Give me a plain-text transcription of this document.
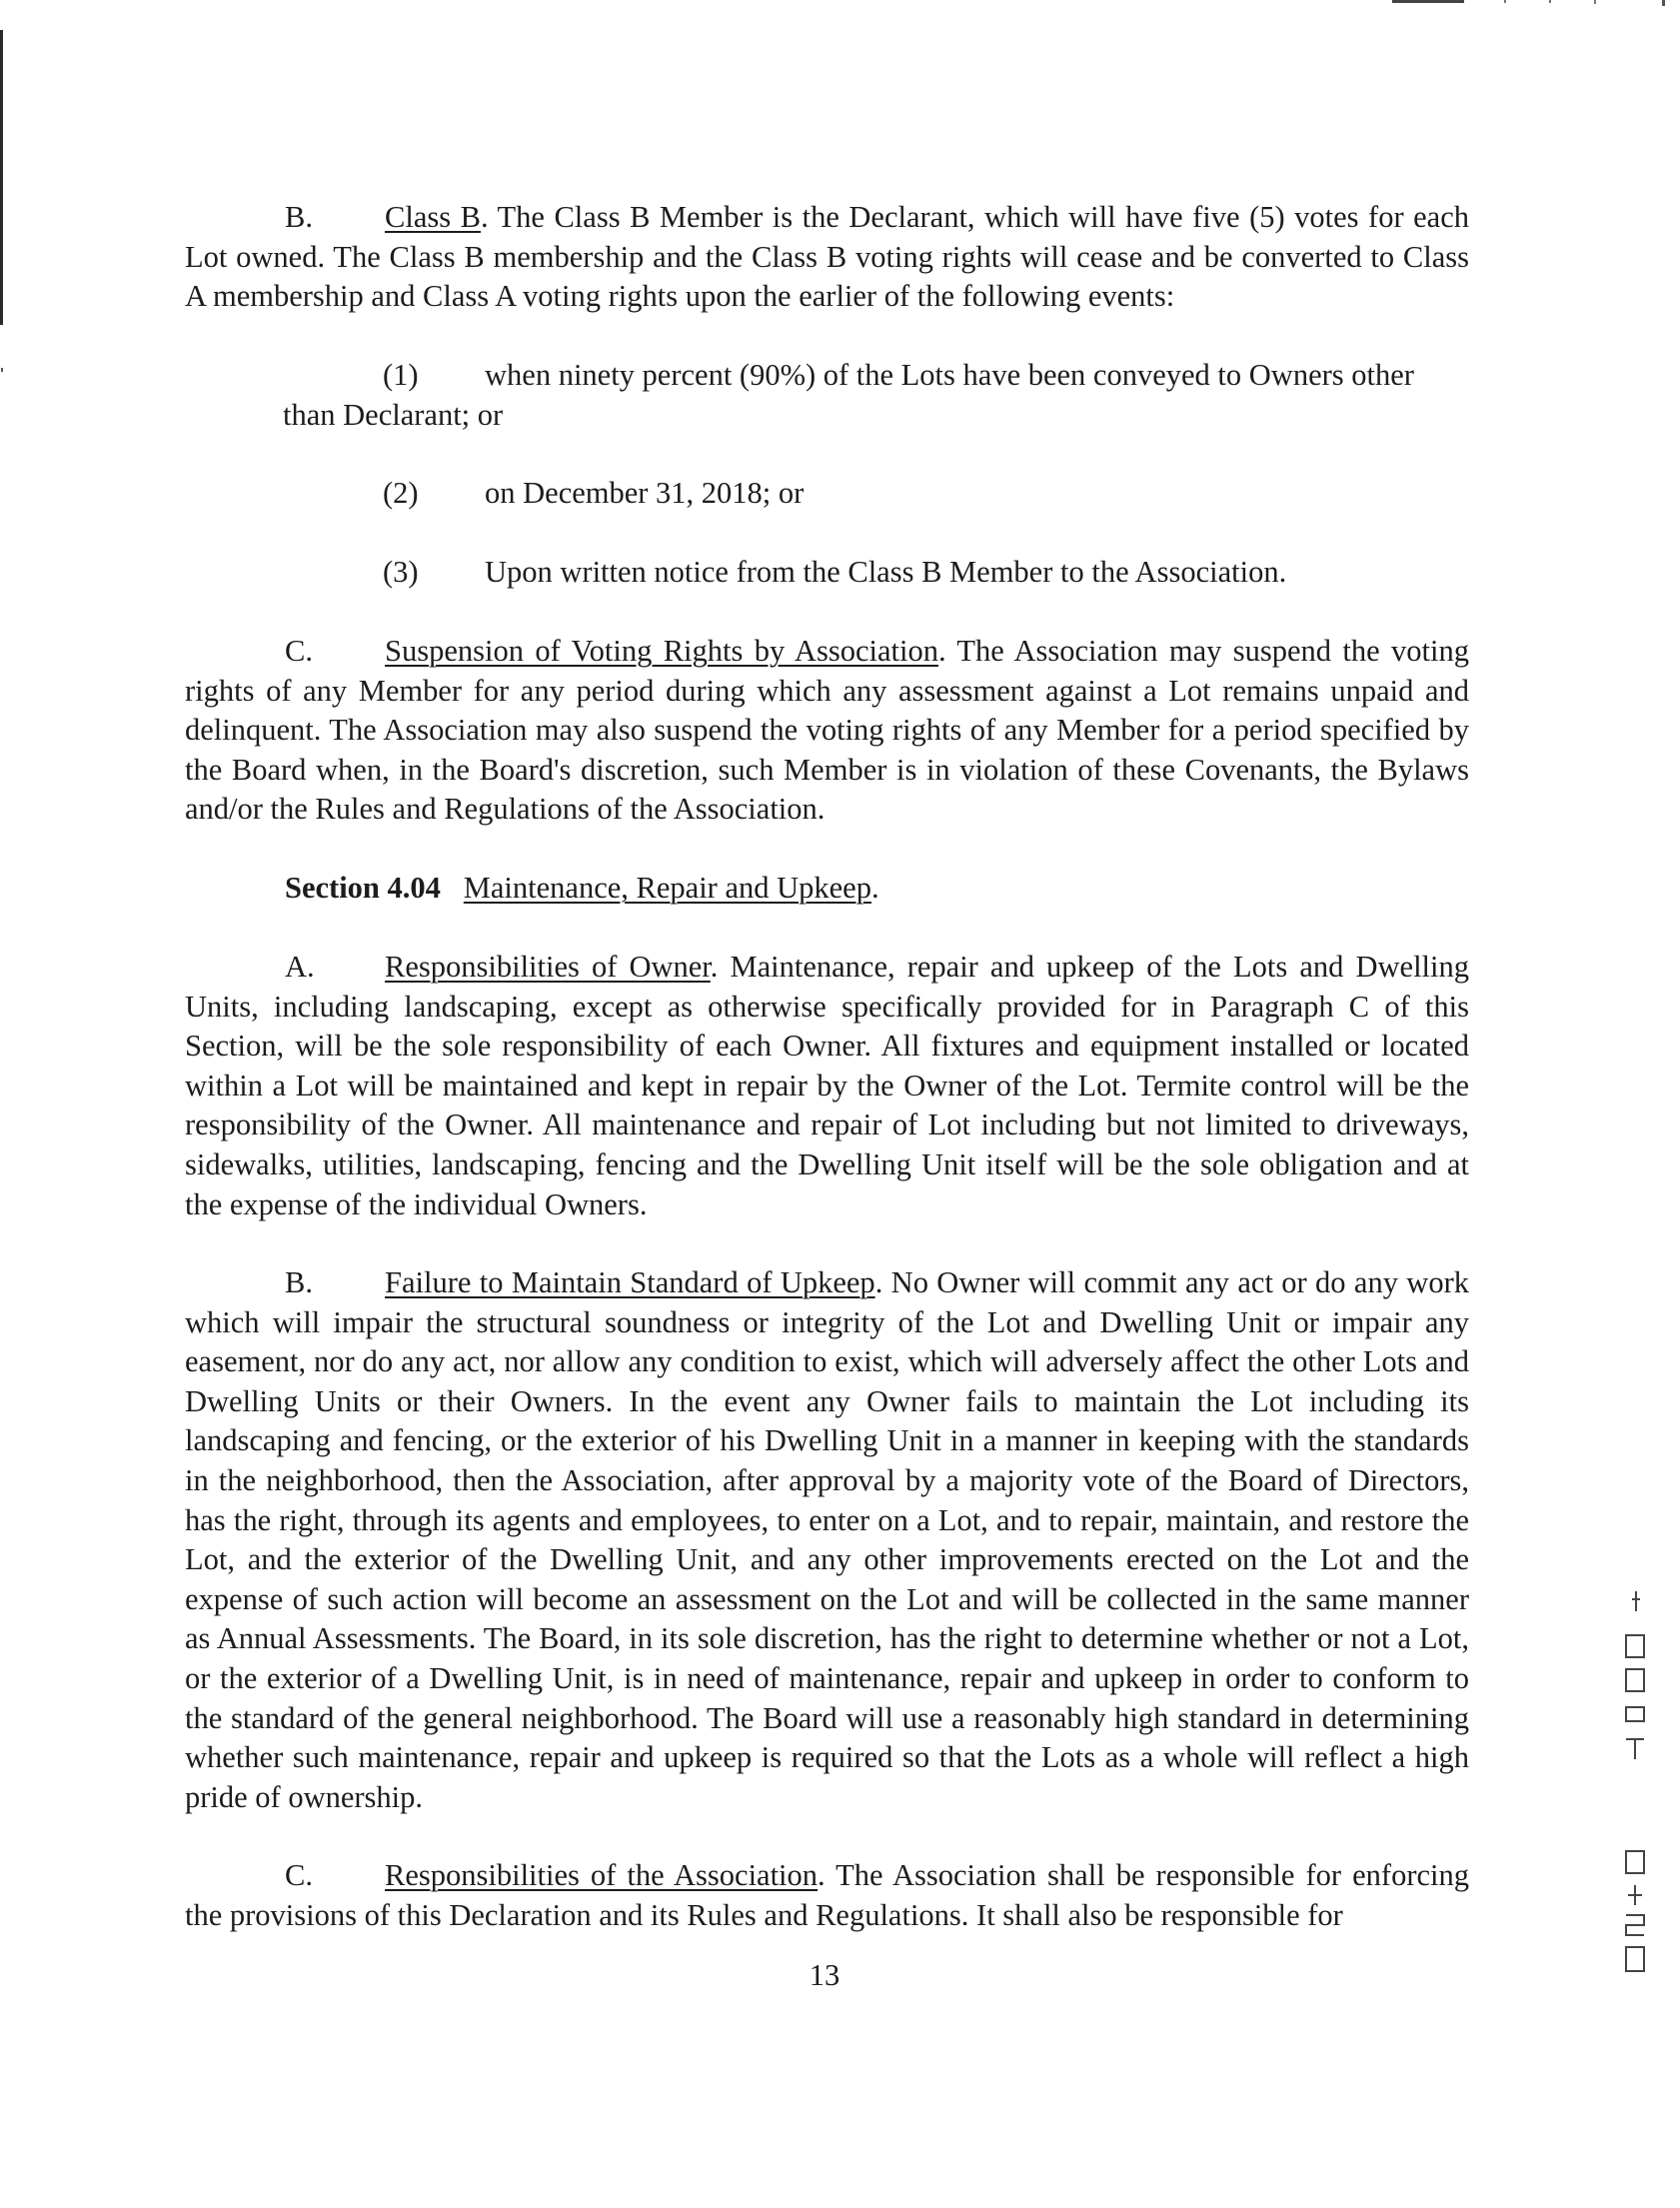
B. Class B. The Class B Member is the Declarant, which will have five (5) votes for each Lot owned. The Class B membership and the Class B voting rights will cease and be converted to Class A membership and Class A voting rights upon the earlier of the following events:
(1) when ninety percent (90%) of the Lots have been conveyed to Owners other
than Declarant; or
(2) on December 31, 2018; or
(3) Upon written notice from the Class B Member to the Association.
C. Suspension of Voting Rights by Association. The Association may suspend the voting rights of any Member for any period during which any assessment against a Lot remains unpaid and delinquent. The Association may also suspend the voting rights of any Member for a period specified by the Board when, in the Board's discretion, such Member is in violation of these Covenants, the Bylaws and/or the Rules and Regulations of the Association.
Section 4.04 Maintenance, Repair and Upkeep.
A. Responsibilities of Owner. Maintenance, repair and upkeep of the Lots and Dwelling Units, including landscaping, except as otherwise specifically provided for in Paragraph C of this Section, will be the sole responsibility of each Owner. All fixtures and equipment installed or located within a Lot will be maintained and kept in repair by the Owner of the Lot. Termite control will be the responsibility of the Owner. All maintenance and repair of Lot including but not limited to driveways, sidewalks, utilities, landscaping, fencing and the Dwelling Unit itself will be the sole obligation and at the expense of the individual Owners.
B. Failure to Maintain Standard of Upkeep. No Owner will commit any act or do any work which will impair the structural soundness or integrity of the Lot and Dwelling Unit or impair any easement, nor do any act, nor allow any condition to exist, which will adversely affect the other Lots and Dwelling Units or their Owners. In the event any Owner fails to maintain the Lot including its landscaping and fencing, or the exterior of his Dwelling Unit in a manner in keeping with the standards in the neighborhood, then the Association, after approval by a majority vote of the Board of Directors, has the right, through its agents and employees, to enter on a Lot, and to repair, maintain, and restore the Lot, and the exterior of the Dwelling Unit, and any other improvements erected on the Lot and the expense of such action will become an assessment on the Lot and will be collected in the same manner as Annual Assessments. The Board, in its sole discretion, has the right to determine whether or not a Lot, or the exterior of a Dwelling Unit, is in need of maintenance, repair and upkeep in order to conform to the standard of the general neighborhood. The Board will use a reasonably high standard in determining whether such maintenance, repair and upkeep is required so that the Lots as a whole will reflect a high pride of ownership.
C. Responsibilities of the Association. The Association shall be responsible for enforcing the provisions of this Declaration and its Rules and Regulations. It shall also be responsible for
13
